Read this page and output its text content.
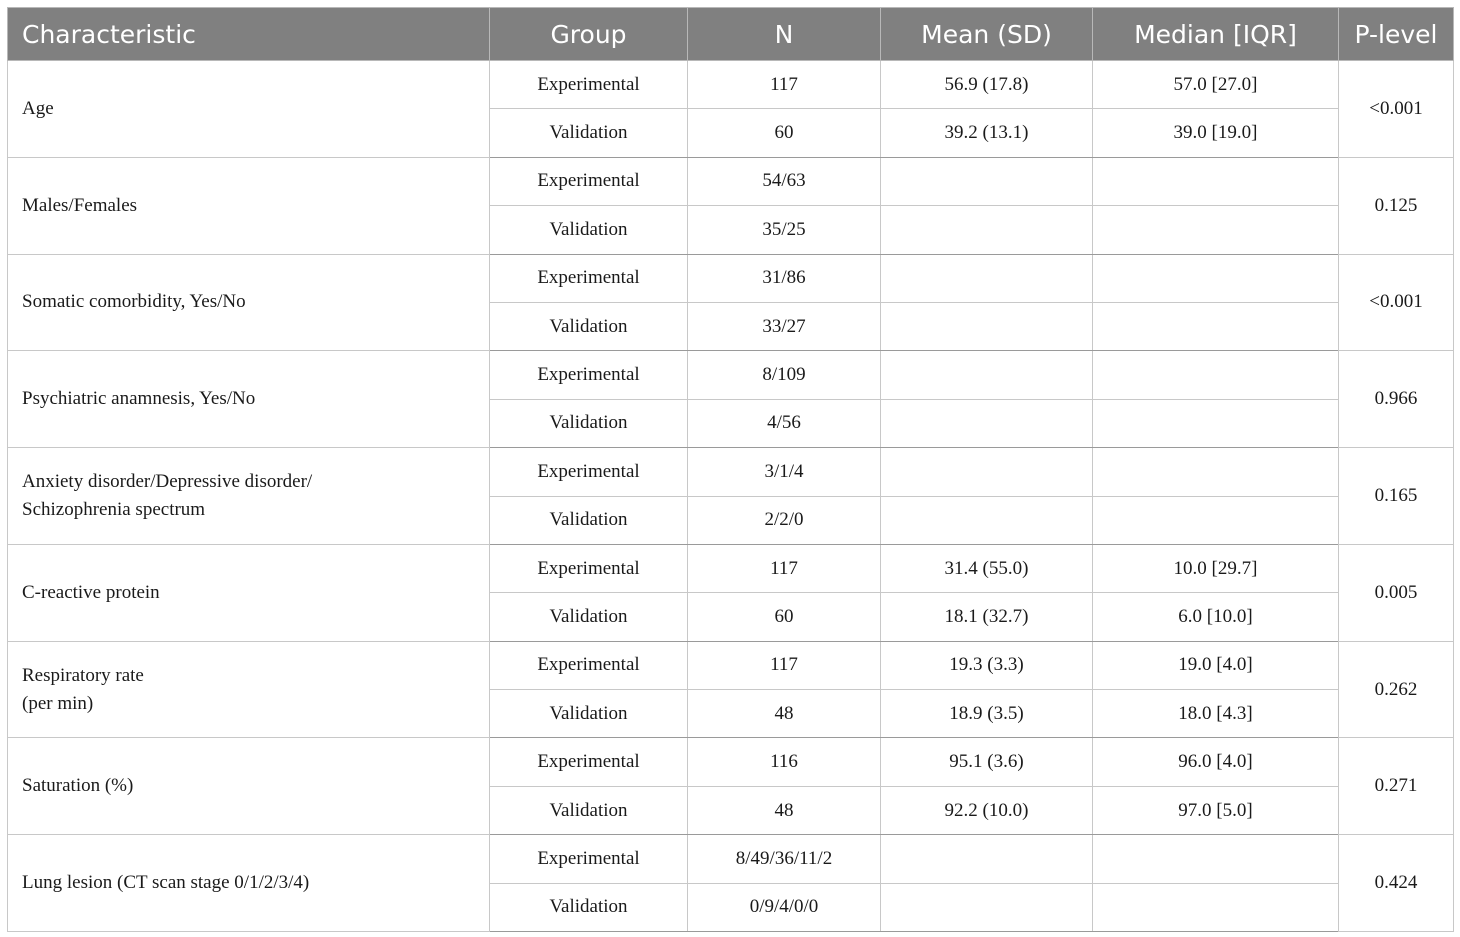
Characteristic	Group	N	Mean (SD)	Median [IQR]	P-level

Age	Experimental	117	56.9 (17.8)	57.0 [27.0]	<0.001
	Validation	60	39.2 (13.1)	39.0 [19.0]	

Males/Females	Experimental	54/63			0.125
	Validation	35/25			

Somatic comorbidity, Yes/No	Experimental	31/86			<0.001
	Validation	33/27			

Psychiatric anamnesis, Yes/No	Experimental	8/109			0.966
	Validation	4/56			

Anxiety disorder/Depressive disorder/
Schizophrenia spectrum	Experimental	3/1/4			0.165
	Validation	2/2/0			

C-reactive protein	Experimental	117	31.4 (55.0)	10.0 [29.7]	0.005
	Validation	60	18.1 (32.7)	6.0 [10.0]	

Respiratory rate
(per min)	Experimental	117	19.3 (3.3)	19.0 [4.0]	0.262
	Validation	48	18.9 (3.5)	18.0 [4.3]	

Saturation (%)	Experimental	116	95.1 (3.6)	96.0 [4.0]	0.271
	Validation	48	92.2 (10.0)	97.0 [5.0]	

Lung lesion (CT scan stage 0/1/2/3/4)	Experimental	8/49/36/11/2			0.424
	Validation	0/9/4/0/0			
